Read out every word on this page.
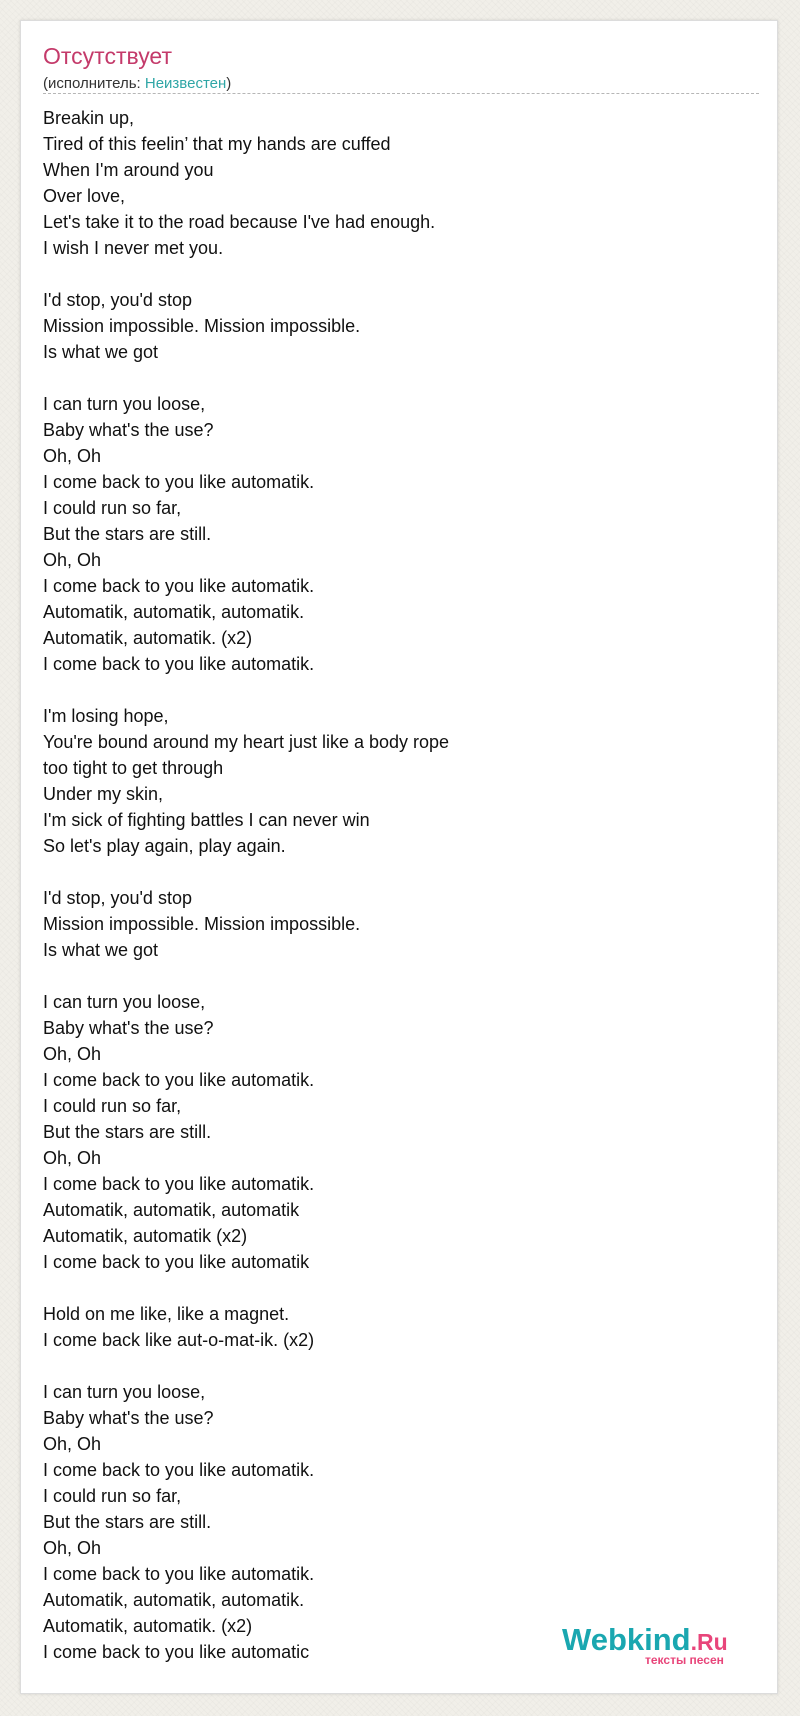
Отсутствует
(исполнитель: Неизвестен)
Breakin up,
Tired of this feelin’ that my hands are cuffed
When I'm around you
Over love,
Let's take it to the road because I've had enough.
I wish I never met you.
I'd stop, you'd stop
Mission impossible. Mission impossible.
Is what we got
I can turn you loose,
Baby what's the use?
Oh, Oh
I come back to you like automatik.
I could run so far,
But the stars are still.
Oh, Oh
I come back to you like automatik.
Automatik, automatik, automatik.
Automatik, automatik. (x2)
I come back to you like automatik.
I'm losing hope,
You're bound around my heart just like a body rope
too tight to get through
Under my skin,
I'm sick of fighting battles I can never win
So let's play again, play again.
I'd stop, you'd stop
Mission impossible. Mission impossible.
Is what we got
I can turn you loose,
Baby what's the use?
Oh, Oh
I come back to you like automatik.
I could run so far,
But the stars are still.
Oh, Oh
I come back to you like automatik.
Automatik, automatik, automatik
Automatik, automatik (x2)
I come back to you like automatik
Hold on me like, like a magnet.
I come back like aut-o-mat-ik. (x2)
I can turn you loose,
Baby what's the use?
Oh, Oh
I come back to you like automatik.
I could run so far,
But the stars are still.
Oh, Oh
I come back to you like automatik.
Automatik, automatik, automatik.
Automatik, automatik. (x2)
I come back to you like automatic	Webkind.Ru
тексты песен
